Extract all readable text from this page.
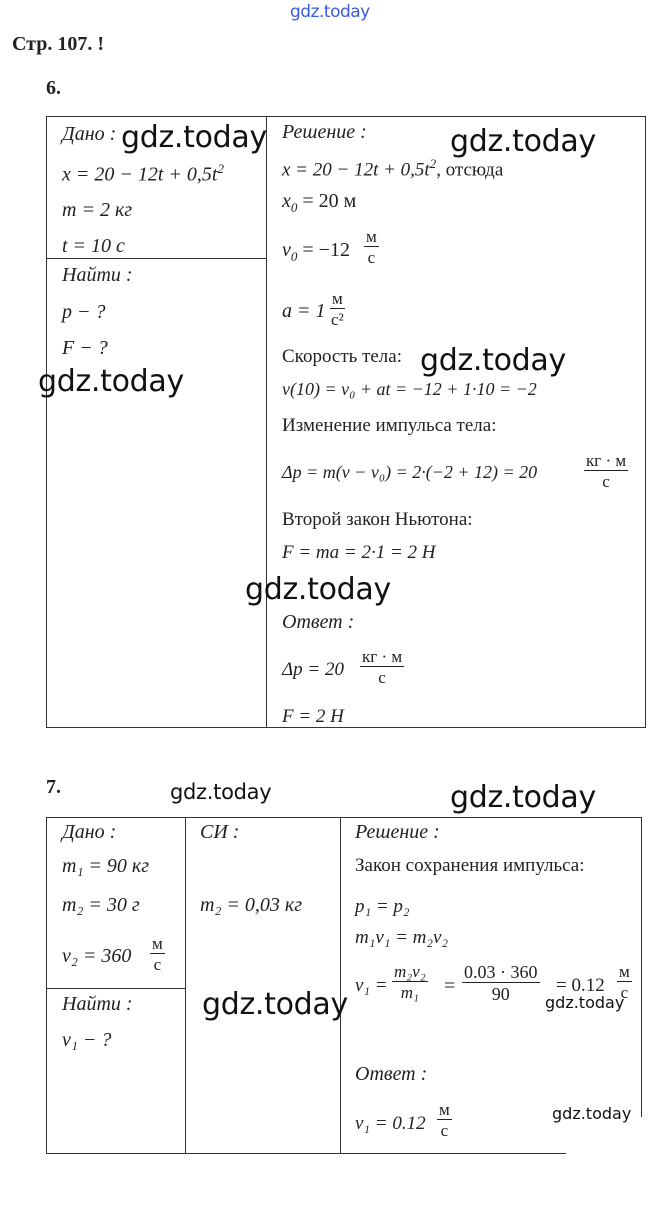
gdz.today
Стр. 107. !
6.
Дано :
$x = 20 - 12t + 0,5t^2$
m = 2 кг
t = 10 с
Найти :
p − ?
F − ?
Решение :
$x = 20 - 12t + 0,5t^2$, отсюда
$x_0 = 20$ м
$v_0 = -12$
м
с
a = 1
м
с²
Скорость тела:
v(10) = v₀ + at = −12 + 1·10 = −2
Изменение импульса тела:
Δp = m(v − v₀) = 2·(−2 + 12) = 20
кг · м
с
Второй закон Ньютона:
F = ma = 2·1 = 2 Н
Ответ :
Δp = 20
кг · м
с
F = 2 Н
gdz.today	gdz.today
gdz.today
gdz.today
gdz.today
7.	gdz.today	gdz.today
Дано :
m₁ = 90 кг
m₂ = 30 г
v₂ = 360
м
с
Найти :
v₁ − ?
СИ :
m₂ = 0,03 кг
Решение :
Закон сохранения импульса:
p₁ = p₂
m₁v₁ = m₂v₂
$v_1 = \frac{\text{m₂v₂}}{\text{m₁}} = \frac{0.03 \cdot 360}{90} = 0.12$
м
с
Ответ :
v₁ = 0.12
м
с
gdz.today	gdz.today
gdz.today
